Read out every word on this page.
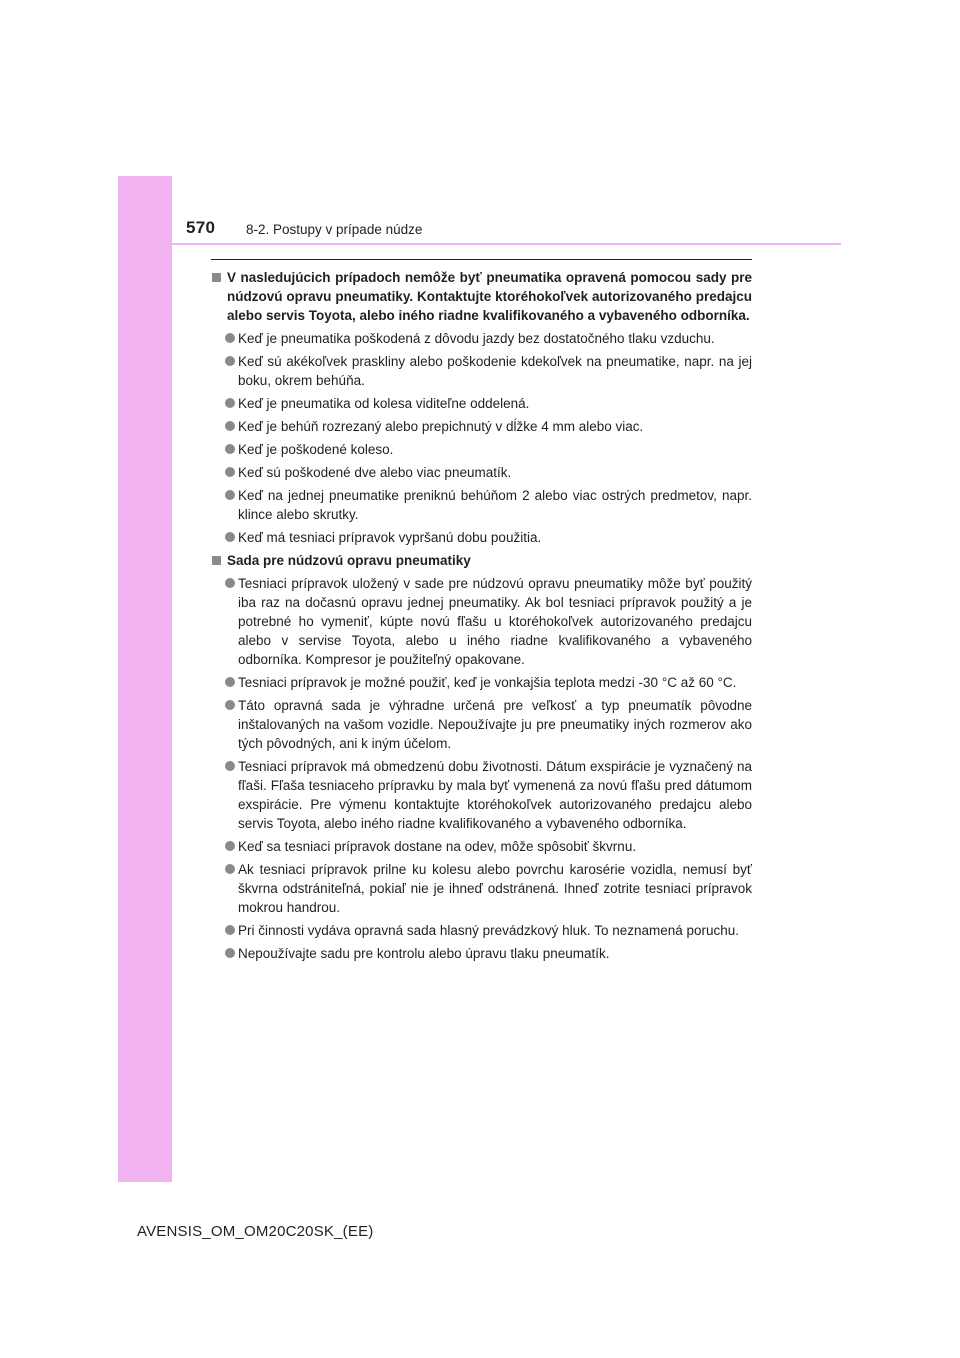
570 8-2. Postupy v prípade núdze

V nasledujúcich prípadoch nemôže byť pneumatika opravená pomocou sady pre núdzovú opravu pneumatiky. Kontaktujte ktoréhokoľvek autorizovaného predajcu alebo servis Toyota, alebo iného riadne kvalifikovaného a vybaveného odborníka.

Keď je pneumatika poškodená z dôvodu jazdy bez dostatočného tlaku vzduchu.
Keď sú akékoľvek praskliny alebo poškodenie kdekoľvek na pneumatike, napr. na jej boku, okrem behúňa.
Keď je pneumatika od kolesa viditeľne oddelená.
Keď je behúň rozrezaný alebo prepichnutý v dĺžke 4 mm alebo viac.
Keď je poškodené koleso.
Keď sú poškodené dve alebo viac pneumatík.
Keď na jednej pneumatike preniknú behúňom 2 alebo viac ostrých predmetov, napr. klince alebo skrutky.
Keď má tesniaci prípravok vypršanú dobu použitia.

Sada pre núdzovú opravu pneumatiky

Tesniaci prípravok uložený v sade pre núdzovú opravu pneumatiky môže byť použitý iba raz na dočasnú opravu jednej pneumatiky. Ak bol tesniaci prípravok použitý a je potrebné ho vymeniť, kúpte novú fľašu u ktoréhokoľvek autorizovaného predajcu alebo v servise Toyota, alebo u iného riadne kvalifikovaného a vybaveného odborníka. Kompresor je použiteľný opakovane.
Tesniaci prípravok je možné použiť, keď je vonkajšia teplota medzi -30 °C až 60 °C.
Táto opravná sada je výhradne určená pre veľkosť a typ pneumatík pôvodne inštalovaných na vašom vozidle. Nepoužívajte ju pre pneumatiky iných rozmerov ako tých pôvodných, ani k iným účelom.
Tesniaci prípravok má obmedzenú dobu životnosti. Dátum exspirácie je vyznačený na fľaši. Fľaša tesniaceho prípravku by mala byť vymenená za novú fľašu pred dátumom exspirácie. Pre výmenu kontaktujte ktoréhokoľvek autorizovaného predajcu alebo servis Toyota, alebo iného riadne kvalifikovaného a vybaveného odborníka.
Keď sa tesniaci prípravok dostane na odev, môže spôsobiť škvrnu.
Ak tesniaci prípravok prilne ku kolesu alebo povrchu karosérie vozidla, nemusí byť škvrna odstrániteľná, pokiaľ nie je ihneď odstránená. Ihneď zotrite tesniaci prípravok mokrou handrou.
Pri činnosti vydáva opravná sada hlasný prevádzkový hluk. To neznamená poruchu.
Nepoužívajte sadu pre kontrolu alebo úpravu tlaku pneumatík.
AVENSIS_OM_OM20C20SK_(EE)
